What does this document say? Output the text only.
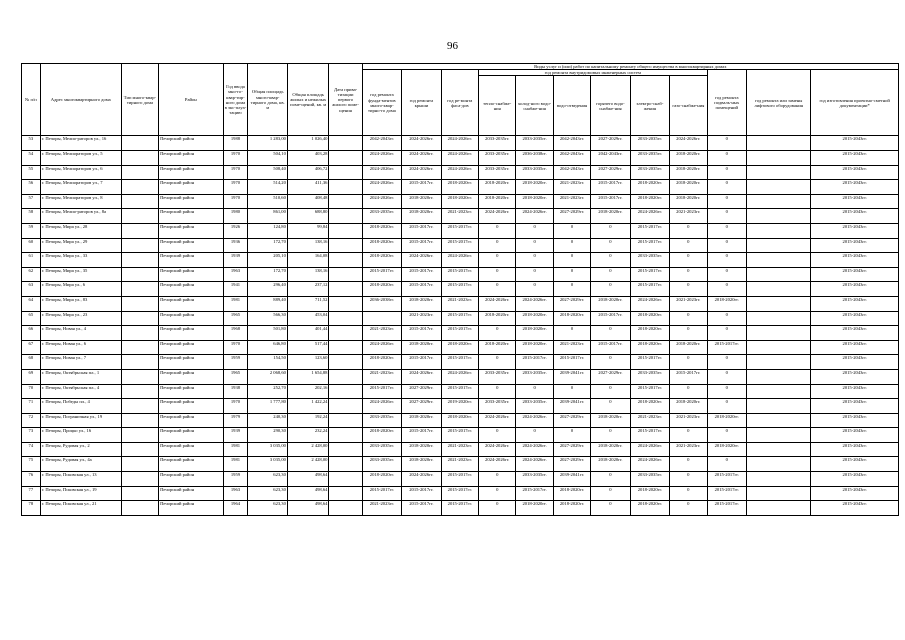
96
№ п/п	Адрес многоквартирного дома	Тип много-квар-тирного дома	Район	Год ввода мно-го-квар-тир-ного дома в экс-плуа-тацию	Общая площадь много-квар-тирного дома, кв. м	Общая площадь жилых и нежилых поме-щений, кв. м	Дата прива-тизации первого жилого поме-щения	Виды услуг и (или) работ по капитальному ремонту общего имущества в многоквартирных домах											
								год ремонта фунда-ментов много-квар-тирно-го дома	год ремонта крыши	год ре-монта фаса-дов	год ремонта внутридомовых инженерных систем						год ремонта подваль-ных помещений	год ремонта или замены лифтового оборудования	год изготовления проектно-сметной документации*
											тепло-снабже-ния	холод-ного водо-снабже-ния	водо-отведения	горячего водо-снабже-ния	электро-снаб-жения	газо-снабже-ния			
53	г. Печоры, Мелио-раторов ул., 16		Печорский район	1988	1 283,00	1 026,40		2042-2043гг.	2024-2026гг.	2024-2026гг.	2033-2035гг.	2033-2035гг.	2042-2043гг.	2027-2029гг.	2033-2035гг.	2024-2026гг.	0		2015-2043гг.
54	г. Печоры, Мелиораторов ул., 5		Печорский район	1970	504,10	403,28		2024-2026гг.	2024-2026гг.	2024-2026гг.	2033-2035гг.	2036-2038гг.	2042-2043гг.	2042-2043гг.	2033-2035гг.	2018-2020гг.	0		2015-2043гг.
55	г. Печоры, Мелиораторов ул., 6		Печорский район	1970	508,40	406,72		2024-2026гг.	2024-2026гг.	2024-2026гг.	2033-2035гг.	2033-2035гг.	2042-2043гг.	2027-2029гг.	2033-2035гг.	2018-2020гг.	0		2015-2043гг.
56	г. Печоры, Мелиораторов ул., 7		Печорский район	1970	514,20	411,36		2024-2026гг.	2015-2017гг.	2018-2020гг.	2018-2020гг.	2018-2020гг.	2021-2023гг.	2015-2017гг.	2018-2020гг.	2018-2020гг.	0		2015-2043гг.
57	г. Печоры, Мелиораторов ул., 8		Печорский район	1970	510,60	408,48		2024-2026гг.	2018-2020гг.	2018-2020гг.	2018-2020гг.	2018-2020гг.	2021-2023гг.	2015-2017гг.	2018-2020гг.	2018-2020гг.	0		2015-2043гг.
58	г. Печоры, Мелио-раторов ул., 8а		Печорский район	1980	861,00	688,80		2033-2035гг.	2018-2020гг.	2021-2023гг.	2024-2026гг.	2024-2026гг.	2027-2029гг.	2018-2020гг.	2024-2026гг.	2021-2023гг.	0		2015-2043гг.
59	г. Печоры, Мира ул., 28		Печорский район	1926	124,80	99,84		2018-2020гг.	2015-2017гг.	2015-2017гг.	0	0	0	0	2015-2017гг.	0	0		2015-2043гг.
60	г. Печоры, Мира ул., 29		Печорский район	1936	172,70	138,16		2018-2020гг.	2015-2017гг.	2015-2017гг.	0	0	0	0	2015-2017гг.	0	0		2015-2043гг.
61	г. Печоры, Мира ул., 33		Печорский район	1939	205,10	164,08		2018-2020гг.	2024-2026гг.	2024-2026гг.	0	0	0	0	2033-2035гг.	0	0		2015-2043гг.
62	г. Печоры, Мира ул., 35		Печорский район	1963	172,70	138,16		2015-2017гг.	2015-2017гг.	2015-2017гг.	0	0	0	0	2015-2017гг.	0	0		2015-2043гг.
63	г. Печоры, Мира ул., 6		Печорский район	1941	296,40	237,12		2018-2020гг.	2015-2017гг.	2015-2017гг.	0	0	0	0	2015-2017гг.	0	0		2015-2043гг.
64	г. Печоры, Мира ул., 83		Печорский район	1981	889,40	711,52		2036-2038гг.	2018-2020гг.	2021-2023гг.	2024-2026гг.	2024-2026гг.	2027-2029гг.	2018-2020гг.	2024-2026гг.	2021-2023гг.	2018-2020гг.		2015-2043гг.
65	г. Печоры, Мира ул., 23		Печорский район	1965	566,30	453,04			2021-2023гг.	2015-2017гг.	2018-2020гг.	2018-2020гг.	2018-2020гг.	2015-2017гг.	2018-2020гг.	0	0		2015-2043гг.
66	г. Печоры, Новая ул., 4		Печорский район	1968	501,80	401,44		2021-2023гг.	2015-2017гг.	2015-2017гг.	0	2018-2020гг.	0	0	2018-2020гг.	0	0		2015-2043гг.
67	г. Печоры, Новая ул., 6		Печорский район	1970	646,80	517,44		2024-2026гг.	2018-2020гг.	2018-2020гг.	2018-2020гг.	2018-2020гг.	2021-2023гг.	2015-2017гг.	2018-2020гг.	2018-2020гг.	2015-2017гг.		2015-2043гг.
68	г. Печоры, Новая ул., 7		Печорский район	1959	154,50	123,60		2018-2020гг.	2015-2017гг.	2015-2017гг.	0	2015-2017гг.	2015-2017гг.	0	2015-2017гг.	0	0		2015-2043гг.
69	г. Печоры, Октябрьская пл., 1		Печорский район	1965	2 068,60	1 654,88		2021-2023гг.	2024-2026гг.	2024-2026гг.	2033-2035гг.	2033-2035гг.	2039-2041гг.	2027-2029гг.	2033-2035гг.	2015-2017гг.	0		2015-2043гг.
70	г. Печоры, Октябрьская пл., 4		Печорский район	1938	252,70	202,16		2015-2017гг.	2027-2029гг.	2015-2017гг.	0	0	0	0	2015-2017гг.	0	0		2015-2043гг.
71	г. Печоры, Победы пл., 4		Печорский район	1970	1 777,80	1 422,24		2024-2026гг.	2027-2029гг.	2019-2020гг.	2033-2035гг.	2033-2035гг.	2039-2041гг.	0	2018-2020гг.	2018-2020гг.	0		2015-2043гг.
72	г. Печоры, Пограничная ул., 19		Печорский район	1979	240,30	192,24		2033-2035гг.	2018-2020гг.	2018-2020гг.	2024-2026гг.	2024-2026гг.	2027-2029гг.	2018-2020гг.	2021-2023гг.	2021-2023гг.	2018-2020гг.		2015-2043гг.
73	г. Печоры, Процко ул., 16		Печорский район	1939	290,30	232,24		2018-2020гг.	2015-2017гг.	2015-2017гг.	0	0	0	0	2015-2017гг.	0	0		2015-2043гг.
74	г. Печоры, Рудовая ул., 2		Печорский район	1981	3 035,00	2 428,00		2033-2035гг.	2018-2020гг.	2021-2023гг.	2024-2026гг.	2024-2026гг.	2027-2029гг.	2018-2020гг.	2024-2026гг.	2021-2023гг.	2018-2020гг.		2015-2043гг.
75	г. Печоры, Рудовая ул., 4а		Печорский район	1981	3 035,00	2 428,00		2033-2035гг.	2018-2020гг.	2021-2023гг.	2024-2026гг.	2024-2026гг.	2027-2029гг.	2018-2020гг.	2024-2026гг.	0	0		2015-2043гг.
76	г. Печоры, Псковская ул., 13		Печорский район	1959	623,30	498,64		2018-2020гг.	2024-2026гг.	2015-2017гг.	0	2033-2035гг.	2039-2041гг.	0	2033-2035гг.	0	2015-2017гг.		2015-2043гг.
77	г. Печоры, Псковская ул., 19		Печорский район	1963	623,30	498,64		2015-2017гг.	2015-2017гг.	2015-2017гг.	0	2015-2017гг.	2018-2020гг.	0	2018-2020гг.	0	2015-2017гг.		2015-2043гг.
78	г. Печоры, Псковская ул., 21		Печорский район	1964	623,30	498,64		2021-2023гг.	2015-2017гг.	2015-2017гг.	0	2018-2020гг.	2018-2020гг.	0	2018-2020гг.	0	2015-2017гг.		2015-2043гг.
